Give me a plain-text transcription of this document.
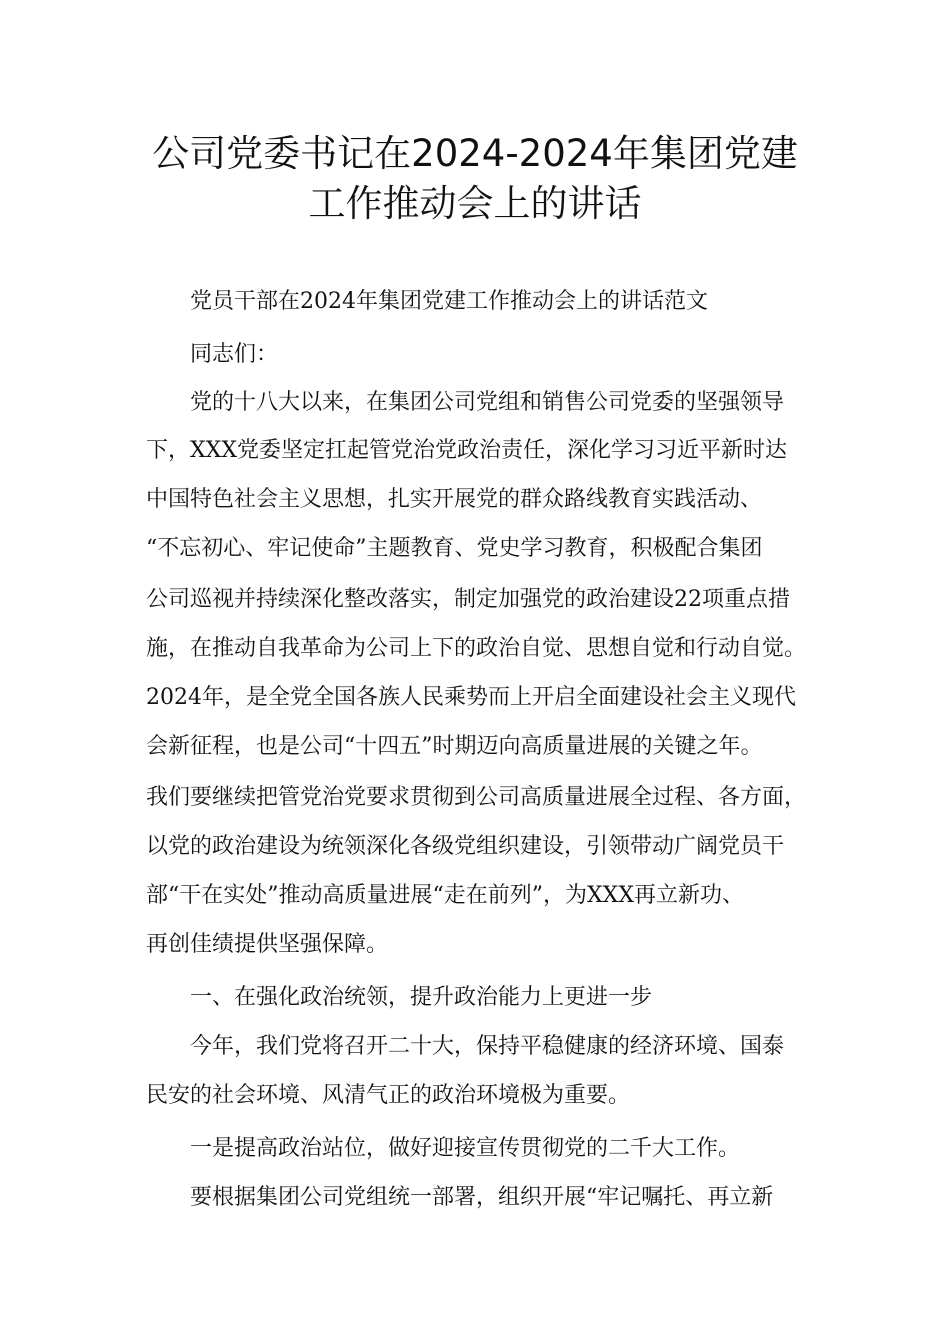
公司党委书记在2024-2024年集团党建
工作推动会上的讲话
党员干部在2024年集团党建工作推动会上的讲话范文
同志们：
党的十八大以来，在集团公司党组和销售公司党委的坚强领导
下，XXX党委坚定扛起管党治党政治责任，深化学习习近平新时达
中国特色社会主义思想，扎实开展党的群众路线教育实践活动、
“不忘初心、牢记使命”主题教育、党史学习教育，积极配合集团
公司巡视并持续深化整改落实，制定加强党的政治建设22项重点措
施，在推动自我革命为公司上下的政治自觉、思想自觉和行动自觉。
2024年，是全党全国各族人民乘势而上开启全面建设社会主义现代
会新征程，也是公司“十四五”时期迈向高质量进展的关键之年。
我们要继续把管党治党要求贯彻到公司高质量进展全过程、各方面，
以党的政治建设为统领深化各级党组织建设，引领带动广阔党员干
部“干在实处”推动高质量进展“走在前列”，为XXX再立新功、
再创佳绩提供坚强保障。
一、在强化政治统领，提升政治能力上更进一步
今年，我们党将召开二十大，保持平稳健康的经济环境、国泰
民安的社会环境、风清气正的政治环境极为重要。
一是提高政治站位，做好迎接宣传贯彻党的二千大工作。
要根据集团公司党组统一部署，组织开展“牢记嘱托、再立新
